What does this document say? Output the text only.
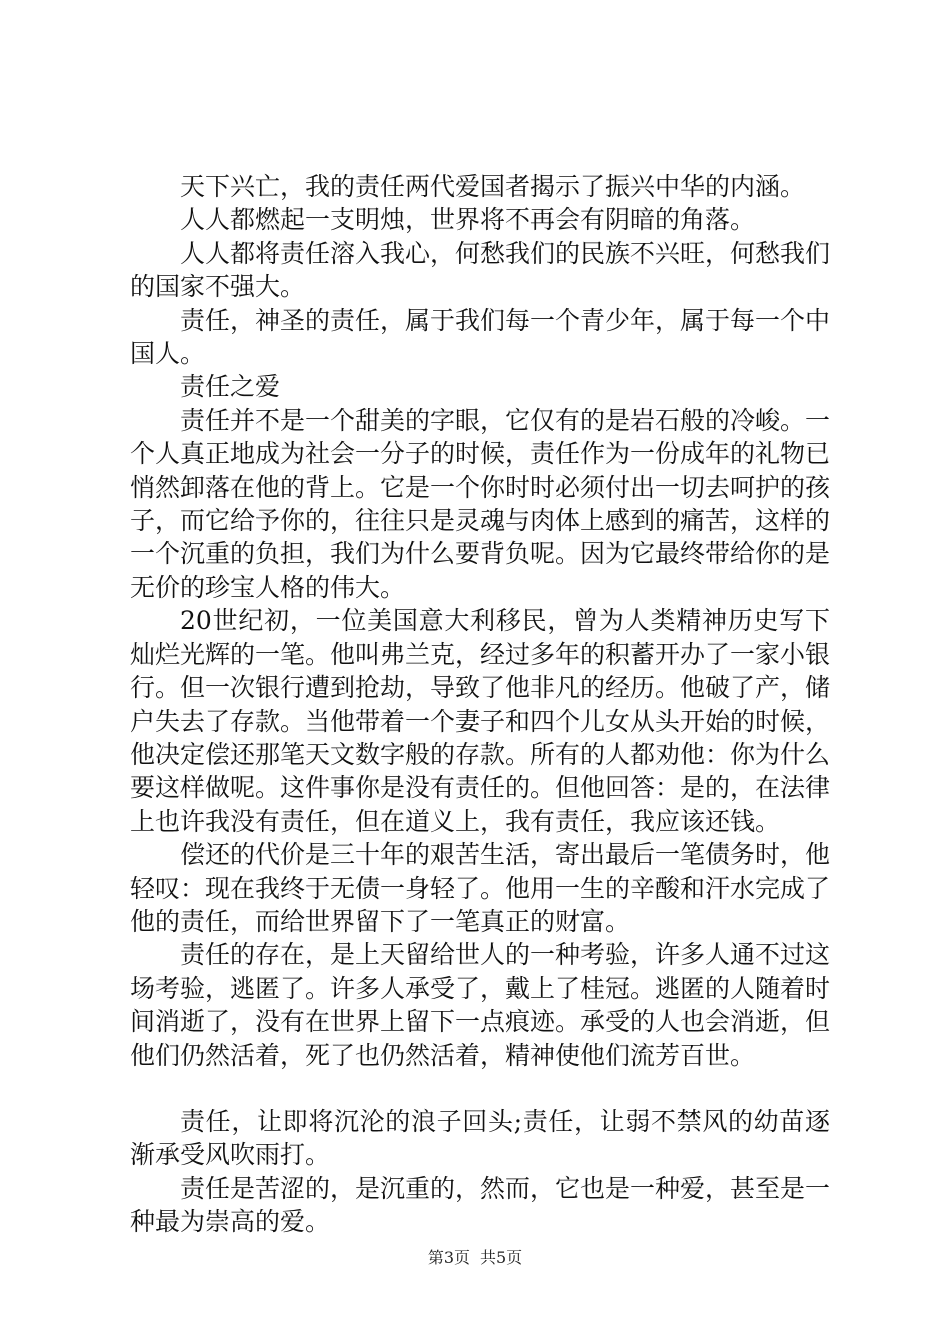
天下兴亡，我的责任两代爱国者揭示了振兴中华的内涵。

人人都燃起一支明烛，世界将不再会有阴暗的角落。

人人都将责任溶入我心，何愁我们的民族不兴旺，何愁我们的国家不强大。

责任，神圣的责任，属于我们每一个青少年，属于每一个中国人。

责任之爱

责任并不是一个甜美的字眼，它仅有的是岩石般的冷峻。一个人真正地成为社会一分子的时候，责任作为一份成年的礼物已悄然卸落在他的背上。它是一个你时时必须付出一切去呵护的孩子，而它给予你的，往往只是灵魂与肉体上感到的痛苦，这样的一个沉重的负担，我们为什么要背负呢。因为它最终带给你的是无价的珍宝人格的伟大。

20世纪初，一位美国意大利移民，曾为人类精神历史写下灿烂光辉的一笔。他叫弗兰克，经过多年的积蓄开办了一家小银行。但一次银行遭到抢劫，导致了他非凡的经历。他破了产，储户失去了存款。当他带着一个妻子和四个儿女从头开始的时候，他决定偿还那笔天文数字般的存款。所有的人都劝他：你为什么要这样做呢。这件事你是没有责任的。但他回答：是的，在法律上也许我没有责任，但在道义上，我有责任，我应该还钱。

偿还的代价是三十年的艰苦生活，寄出最后一笔债务时，他轻叹：现在我终于无债一身轻了。他用一生的辛酸和汗水完成了他的责任，而给世界留下了一笔真正的财富。

责任的存在，是上天留给世人的一种考验，许多人通不过这场考验，逃匿了。许多人承受了，戴上了桂冠。逃匿的人随着时间消逝了，没有在世界上留下一点痕迹。承受的人也会消逝，但他们仍然活着，死了也仍然活着，精神使他们流芳百世。

责任，让即将沉沦的浪子回头;责任，让弱不禁风的幼苗逐渐承受风吹雨打。

责任是苦涩的，是沉重的，然而，它也是一种爱，甚至是一种最为崇高的爱。

第3页 共5页
